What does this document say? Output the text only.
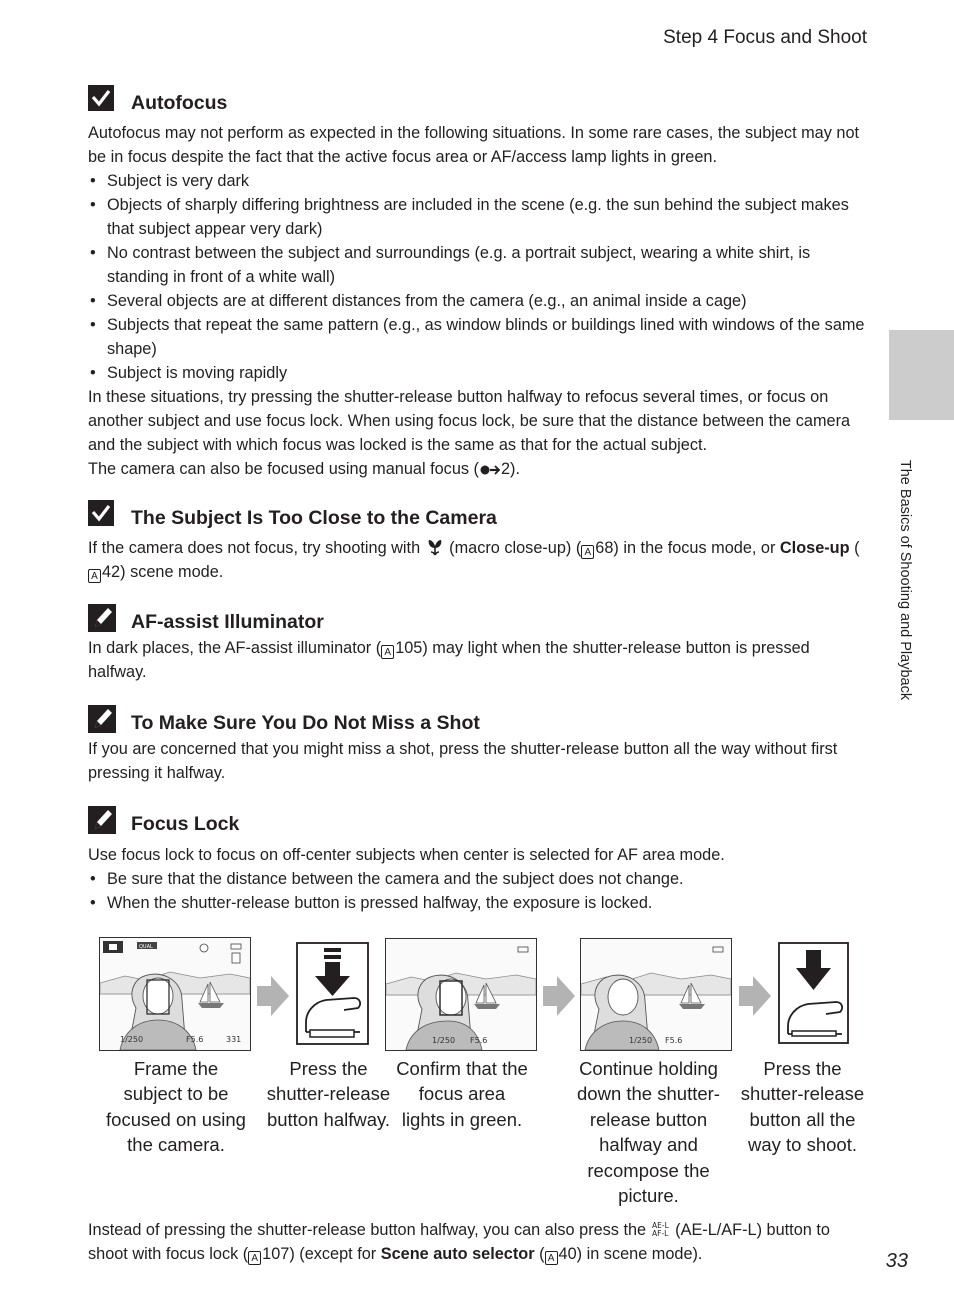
Step 4 Focus and Shoot
The Basics of Shooting and Playback
33
Autofocus

Autofocus may not perform as expected in the following situations. In some rare cases, the subject may not be in focus despite the fact that the active focus area or AF/access lamp lights in green.

• Subject is very dark
• Objects of sharply differing brightness are included in the scene (e.g. the sun behind the subject makes that subject appear very dark)
• No contrast between the subject and surroundings (e.g. a portrait subject, wearing a white shirt, is standing in front of a white wall)
• Several objects are at different distances from the camera (e.g., an animal inside a cage)
• Subjects that repeat the same pattern (e.g., as window blinds or buildings lined with windows of the same shape)
• Subject is moving rapidly

In these situations, try pressing the shutter-release button halfway to refocus several times, or focus on another subject and use focus lock. When using focus lock, be sure that the distance between the camera and the subject with which focus was locked is the same as that for the actual subject.

The camera can also be focused using manual focus ( 2).

The Subject Is Too Close to the Camera

If the camera does not focus, try shooting with  (macro close-up) ( A 68) in the focus mode, or Close-up (A 42) scene mode.

AF-assist Illuminator

In dark places, the AF-assist illuminator ( A 105) may light when the shutter-release button is pressed halfway.

To Make Sure You Do Not Miss a Shot

If you are concerned that you might miss a shot, press the shutter-release button all the way without first pressing it halfway.

Focus Lock

Use focus lock to focus on off-center subjects when center is selected for AF area mode.

• Be sure that the distance between the camera and the subject does not change.
• When the shutter-release button is pressed halfway, the exposure is locked.
QUAL
1/250	F5.6	331	1/250 F5.6	1/250 F5.6
Frame the subject to be focused on using the camera.
Press the shutter-release button halfway.
Confirm that the focus area lights in green.
Continue holding down the shutter-release button halfway and recompose the picture.
Press the shutter-release button all the way to shoot.

Instead of pressing the shutter-release button halfway, you can also press the AE-L
AF-L (AE-L/AF-L) button to shoot with focus lock ( A 107) (except for Scene auto selector ( A 40) in scene mode).
